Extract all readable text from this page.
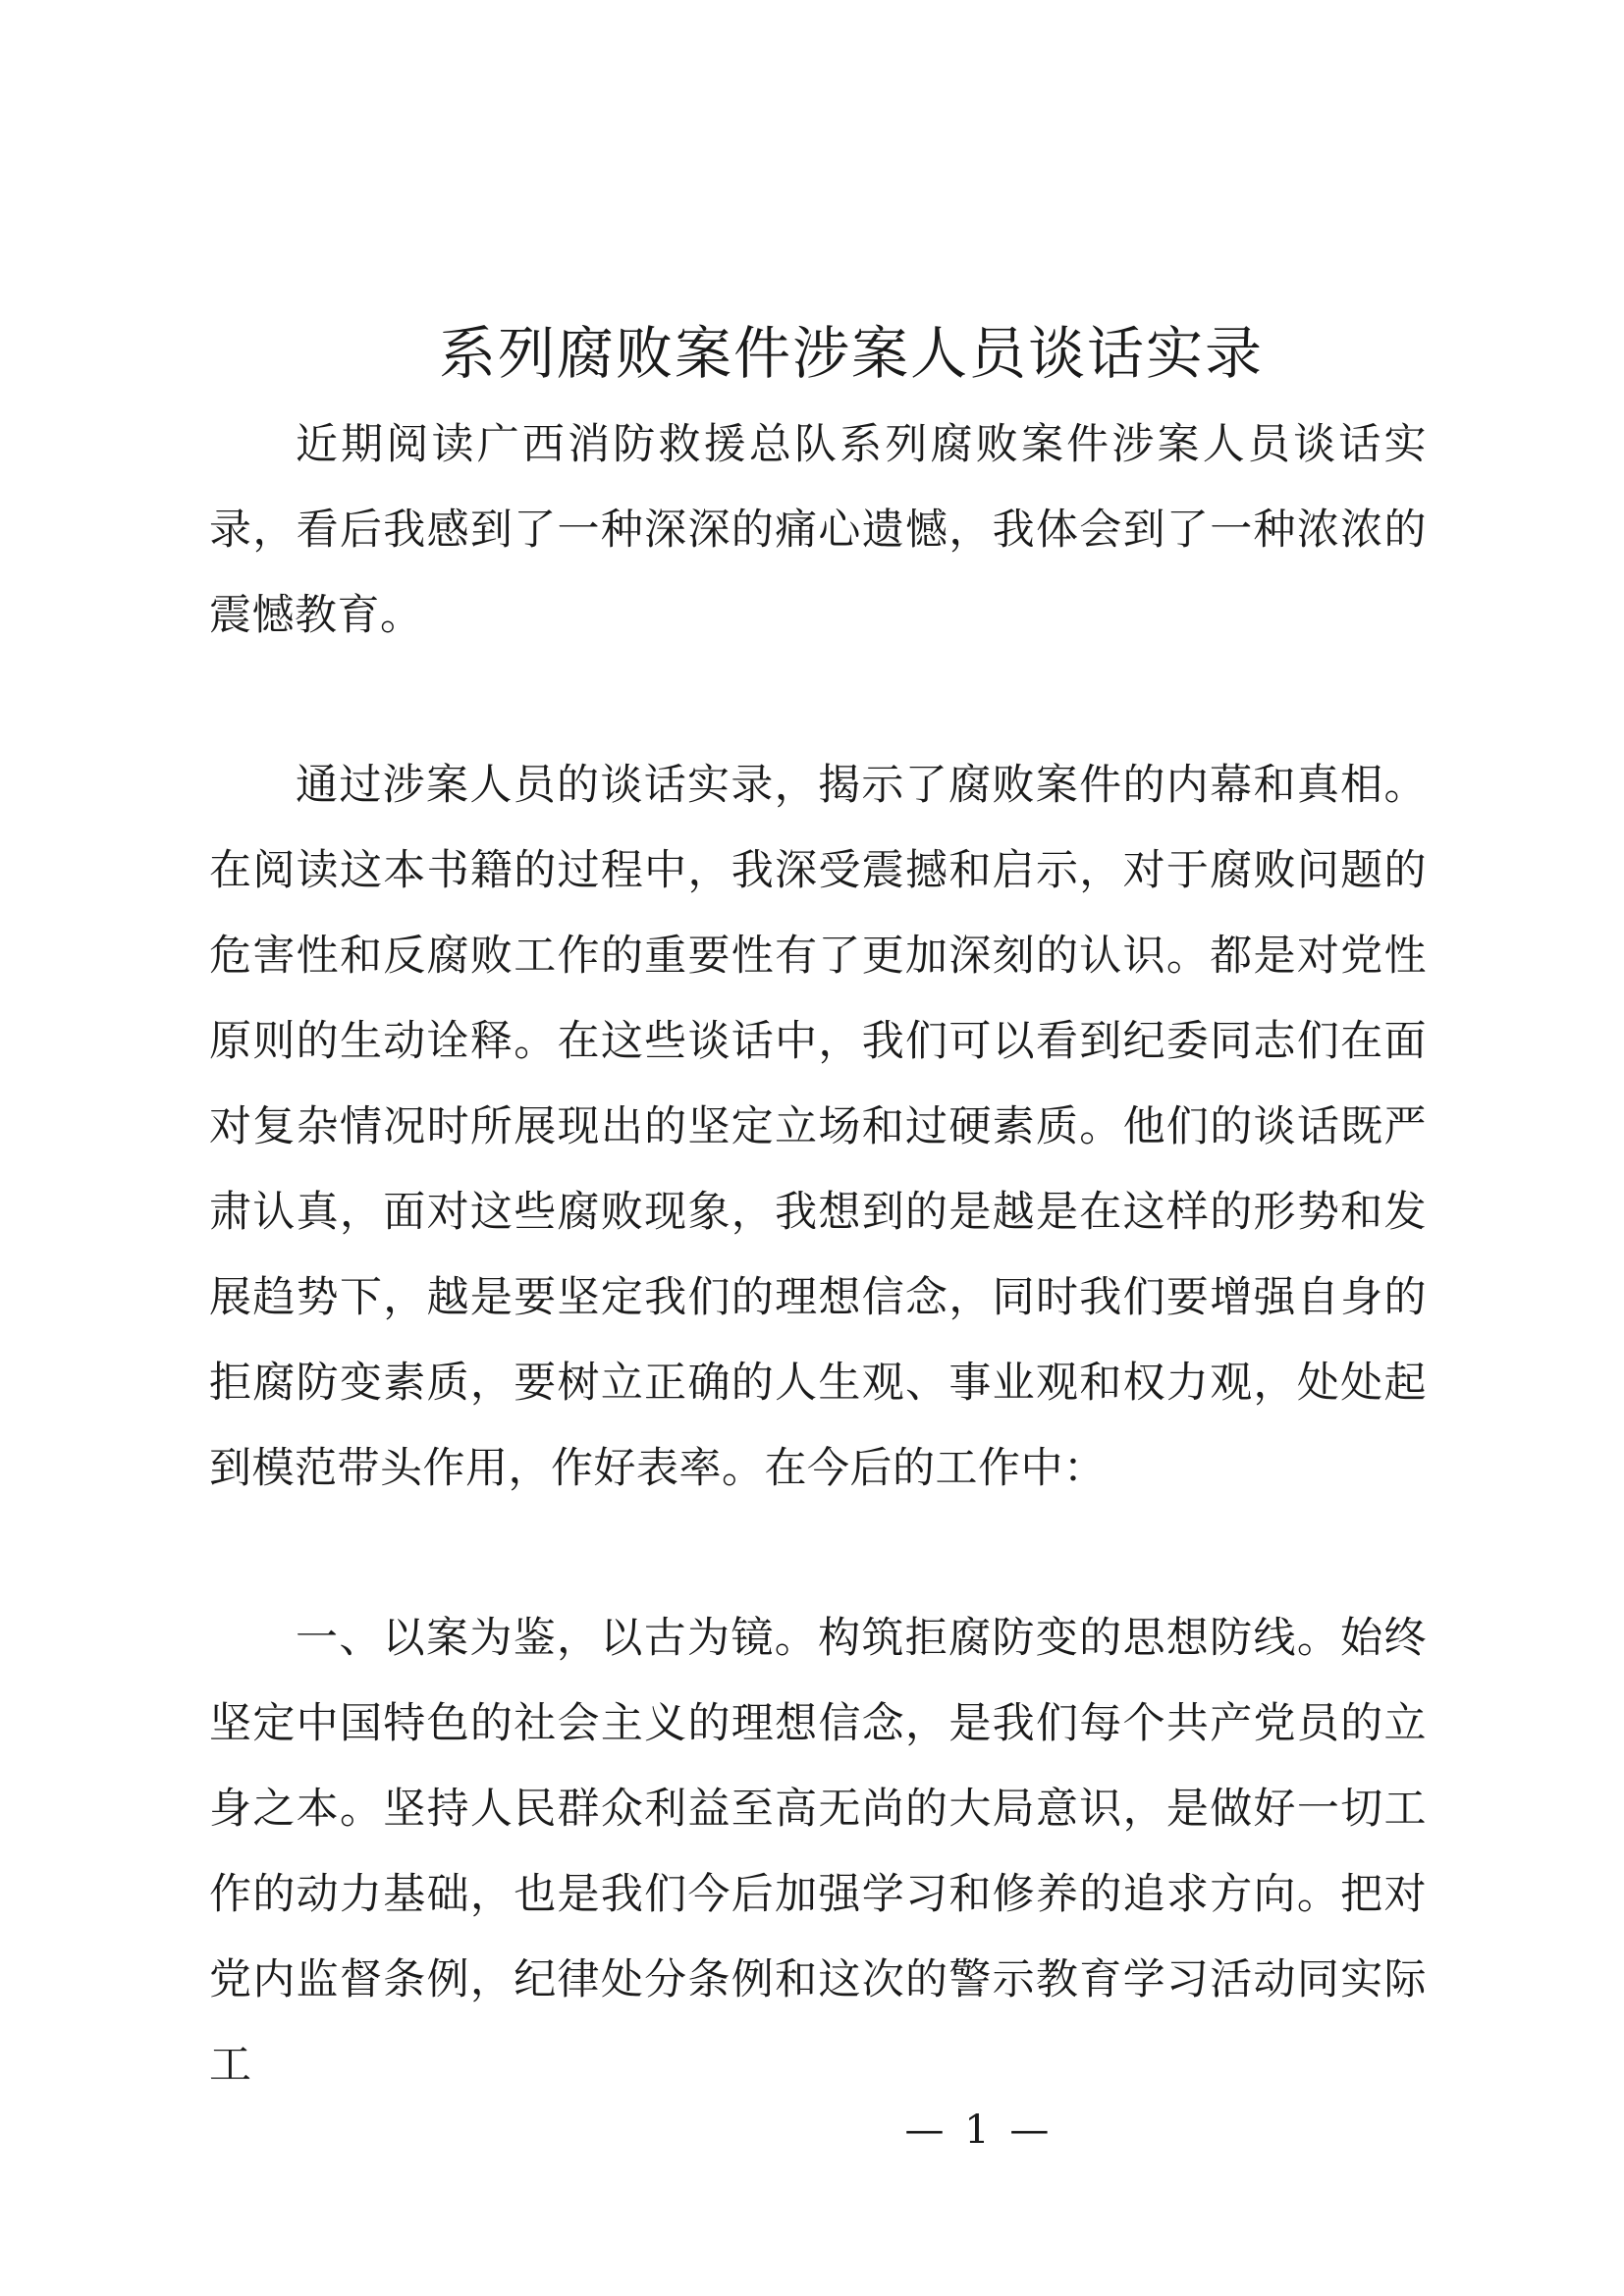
系列腐败案件涉案人员谈话实录

近期阅读广西消防救援总队系列腐败案件涉案人员谈话实录，看后我感到了一种深深的痛心遗憾，我体会到了一种浓浓的震憾教育。

通过涉案人员的谈话实录，揭示了腐败案件的内幕和真相。在阅读这本书籍的过程中，我深受震撼和启示，对于腐败问题的危害性和反腐败工作的重要性有了更加深刻的认识。都是对党性原则的生动诠释。在这些谈话中，我们可以看到纪委同志们在面对复杂情况时所展现出的坚定立场和过硬素质。他们的谈话既严肃认真，面对这些腐败现象，我想到的是越是在这样的形势和发展趋势下，越是要坚定我们的理想信念，同时我们要增强自身的拒腐防变素质，要树立正确的人生观、事业观和权力观，处处起到模范带头作用，作好表率。在今后的工作中：

一、以案为鉴，以古为镜。构筑拒腐防变的思想防线。始终坚定中国特色的社会主义的理想信念，是我们每个共产党员的立身之本。坚持人民群众利益至高无尚的大局意识，是做好一切工作的动力基础，也是我们今后加强学习和修养的追求方向。把对党内监督条例，纪律处分条例和这次的警示教育学习活动同实际工

— 1 —
